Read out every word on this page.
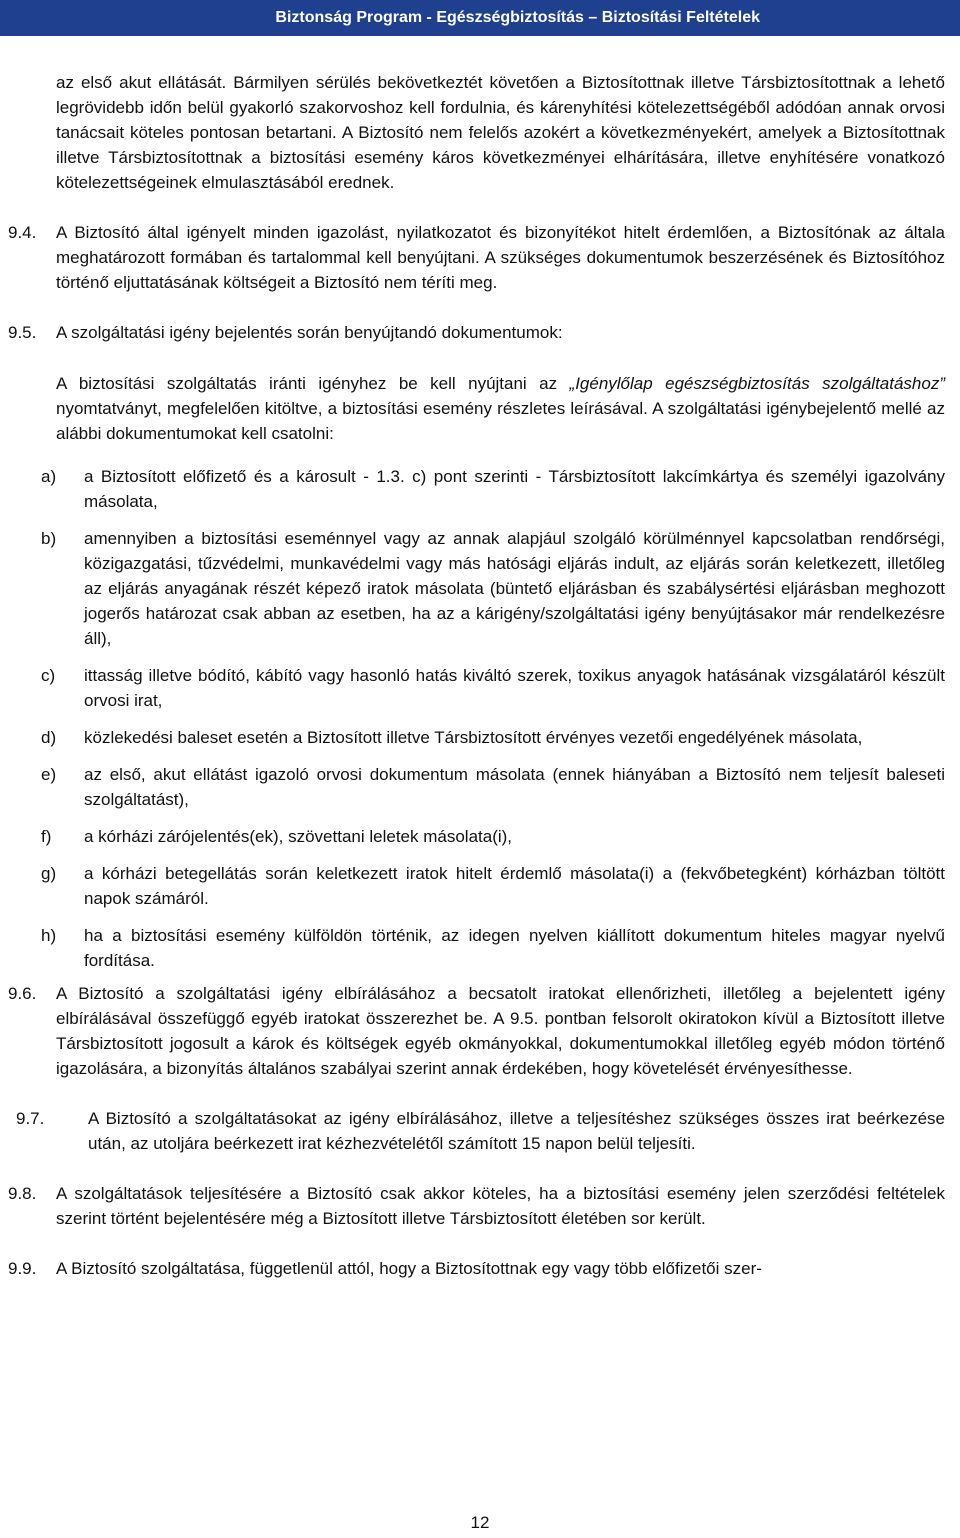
Biztonság Program - Egészségbiztosítás – Biztosítási Feltételek

az első akut ellátását. Bármilyen sérülés bekövetkeztét követően a Biztosítottnak illetve Társbiztosítottnak a lehető legrövidebb időn belül gyakorló szakorvoshoz kell fordulnia, és kárenyhítési kötelezettségéből adódóan annak orvosi tanácsait köteles pontosan betartani. A Biztosító nem felelős azokért a következményekért, amelyek a Biztosítottnak illetve Társbiztosítottnak a biztosítási esemény káros következményei elhárítására, illetve enyhítésére vonatkozó kötelezettségeinek elmulasztásából erednek.

9.4. A Biztosító által igényelt minden igazolást, nyilatkozatot és bizonyítékot hitelt érdemlően, a Biztosítónak az általa meghatározott formában és tartalommal kell benyújtani. A szükséges dokumentumok beszerzésének és Biztosítóhoz történő eljuttatásának költségeit a Biztosító nem téríti meg.

9.5. A szolgáltatási igény bejelentés során benyújtandó dokumentumok:

A biztosítási szolgáltatás iránti igényhez be kell nyújtani az „Igénylőlap egészségbiztosítás szolgáltatáshoz” nyomtatványt, megfelelően kitöltve, a biztosítási esemény részletes leírásával. A szolgáltatási igénybejelentő mellé az alábbi dokumentumokat kell csatolni:

a) a Biztosított előfizető és a károsult - 1.3. c) pont szerinti - Társbiztosított lakcímkártya és személyi igazolvány másolata,
b) amennyiben a biztosítási eseménnyel vagy az annak alapjául szolgáló körülménnyel kapcsolatban rendőrségi, közigazgatási, tűzvédelmi, munkavédelmi vagy más hatósági eljárás indult, az eljárás során keletkezett, illetőleg az eljárás anyagának részét képező iratok másolata (büntető eljárásban és szabálysértési eljárásban meghozott jogerős határozat csak abban az esetben, ha az a kárigény/szolgáltatási igény benyújtásakor már rendelkezésre áll),
c) ittasság illetve bódító, kábító vagy hasonló hatás kiváltó szerek, toxikus anyagok hatásának vizsgálatáról készült orvosi irat,
d) közlekedési baleset esetén a Biztosított illetve Társbiztosított érvényes vezetői engedélyének másolata,
e) az első, akut ellátást igazoló orvosi dokumentum másolata (ennek hiányában a Biztosító nem teljesít baleseti szolgáltatást),
f) a kórházi zárójelentés(ek), szövettani leletek másolata(i),
g) a kórházi betegellátás során keletkezett iratok hitelt érdemlő másolata(i) a (fekvőbetegként) kórházban töltött napok számáról.
h) ha a biztosítási esemény külföldön történik, az idegen nyelven kiállított dokumentum hiteles magyar nyelvű fordítása.
9.6. A Biztosító a szolgáltatási igény elbírálásához a becsatolt iratokat ellenőrizheti, illetőleg a bejelentett igény elbírálásával összefüggő egyéb iratokat összerezhet be. A 9.5. pontban felsorolt okiratokon kívül a Biztosított illetve Társbiztosított jogosult a károk és költségek egyéb okmányokkal, dokumentumokkal illetőleg egyéb módon történő igazolására, a bizonyítás általános szabályai szerint annak érdekében, hogy követelését érvényesíthesse.

9.7.	A Biztosító a szolgáltatásokat az igény elbírálásához, illetve a teljesítéshez szükséges összes irat beérkezése után, az utoljára beérkezett irat kézhezvételétől számított 15 napon belül teljesíti.

9.8. A szolgáltatások teljesítésére a Biztosító csak akkor köteles, ha a biztosítási esemény jelen szerződési feltételek szerint történt bejelentésére még a Biztosított illetve Társbiztosított életében sor került.

9.9. A Biztosító szolgáltatása, függetlenül attól, hogy a Biztosítottnak egy vagy több előfizetői szer-

12
